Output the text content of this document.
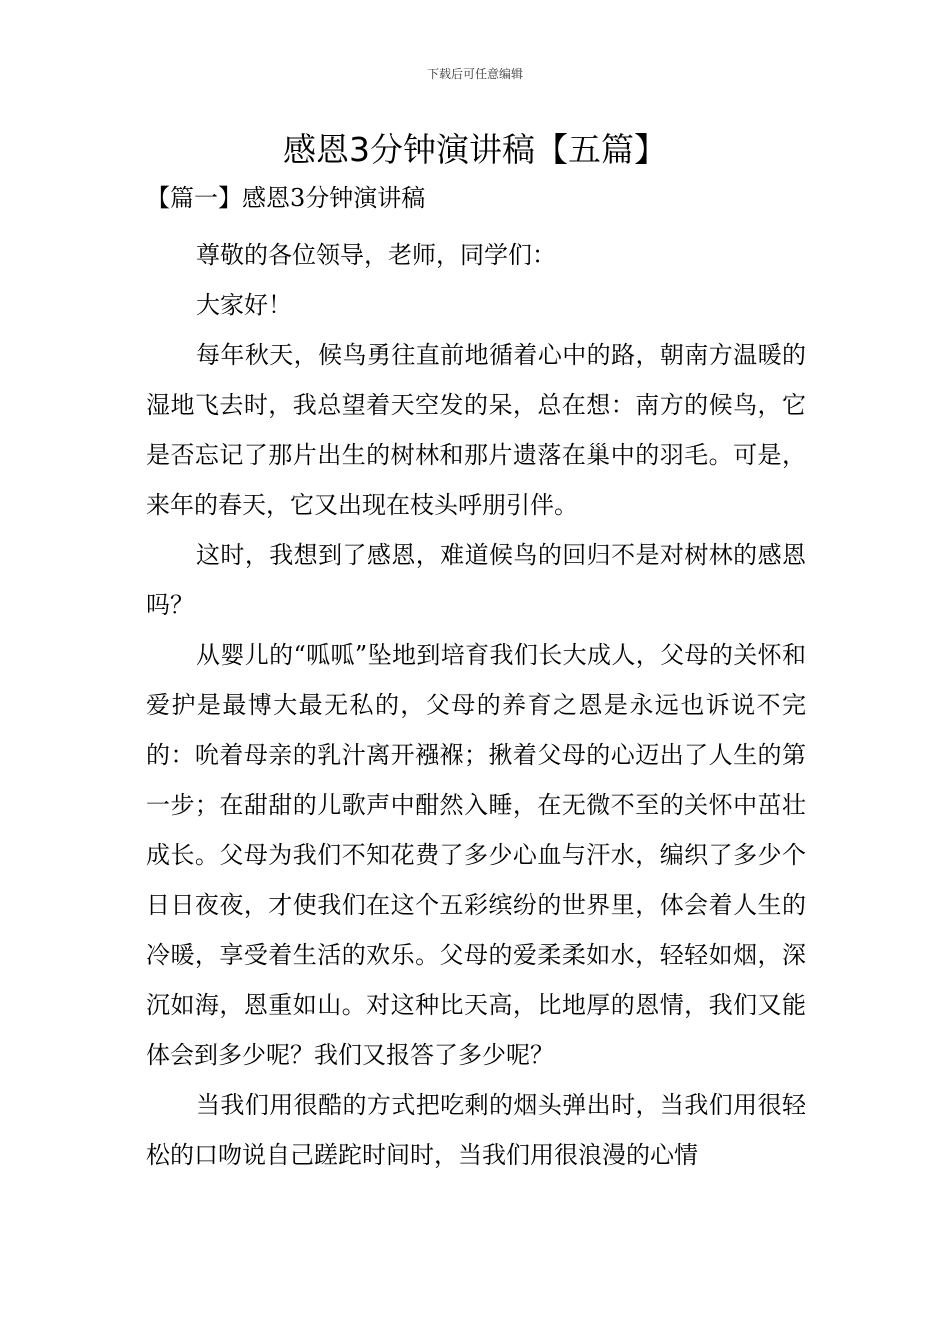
下载后可任意编辑
感恩3分钟演讲稿【五篇】
【篇一】感恩3分钟演讲稿

尊敬的各位领导，老师，同学们：

大家好！

每年秋天，候鸟勇往直前地循着心中的路，朝南方温暖的湿地飞去时，我总望着天空发的呆，总在想：南方的候鸟，它是否忘记了那片出生的树林和那片遗落在巢中的羽毛。可是，来年的春天，它又出现在枝头呼朋引伴。

这时，我想到了感恩，难道候鸟的回归不是对树林的感恩吗？

从婴儿的“呱呱”坠地到培育我们长大成人，父母的关怀和爱护是最博大最无私的，父母的养育之恩是永远也诉说不完的：吮着母亲的乳汁离开襁褓；揪着父母的心迈出了人生的第一步；在甜甜的儿歌声中酣然入睡，在无微不至的关怀中茁壮成长。父母为我们不知花费了多少心血与汗水，编织了多少个日日夜夜，才使我们在这个五彩缤纷的世界里，体会着人生的冷暖，享受着生活的欢乐。父母的爱柔柔如水，轻轻如烟，深沉如海，恩重如山。对这种比天高，比地厚的恩情，我们又能体会到多少呢？我们又报答了多少呢？

当我们用很酷的方式把吃剩的烟头弹出时，当我们用很轻松的口吻说自己蹉跎时间时，当我们用很浪漫的心情
